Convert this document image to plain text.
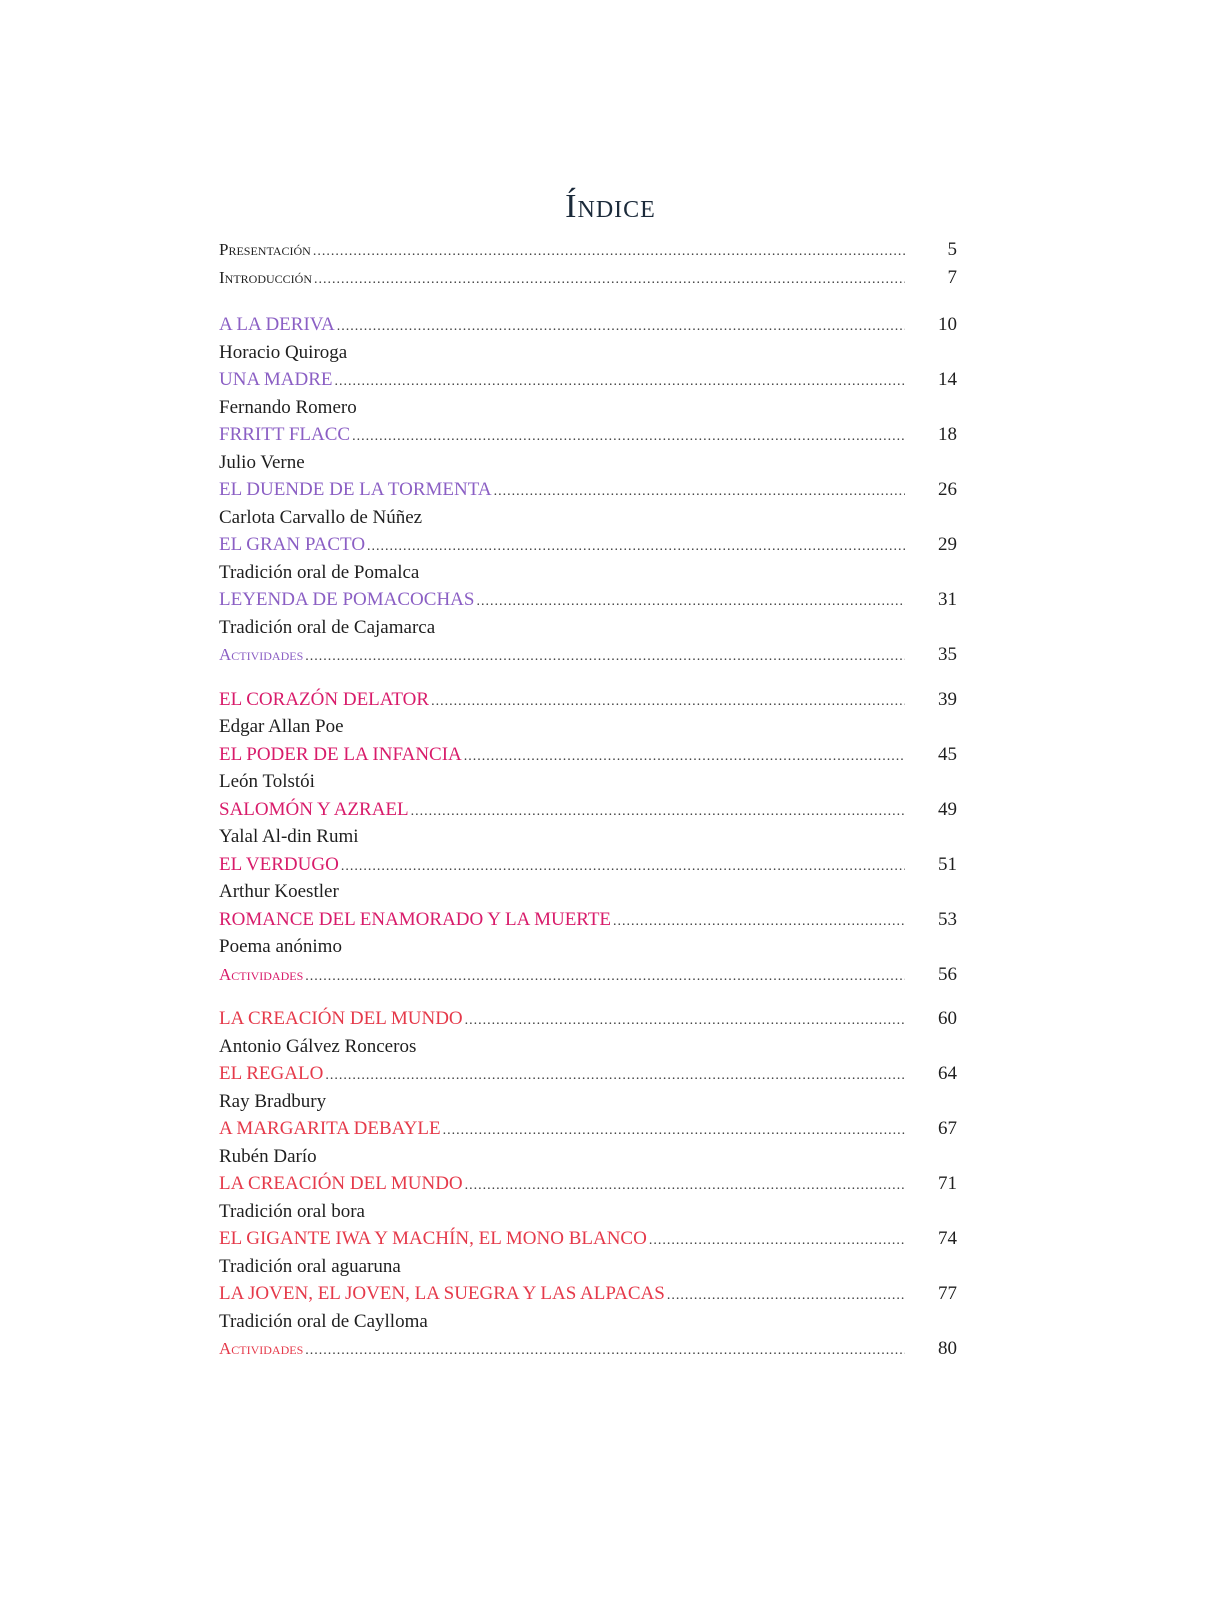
Índice
Presentación .....	5
Introducción .....	7
A LA DERIVA .....	10
Horacio Quiroga
UNA MADRE .....	14
Fernando Romero
FRRITT FLACC .....	18
Julio Verne
EL DUENDE DE LA TORMENTA .....	26
Carlota Carvallo de Núñez
EL GRAN PACTO .....	29
Tradición oral de Pomalca
LEYENDA DE POMACOCHAS .....	31
Tradición oral de Cajamarca
Actividades .....	35
EL CORAZÓN DELATOR .....	39
Edgar Allan Poe
EL PODER DE LA INFANCIA .....	45
León Tolstói
SALOMÓN Y AZRAEL .....	49
Yalal Al-din Rumi
EL VERDUGO .....	51
Arthur Koestler
ROMANCE DEL ENAMORADO Y LA MUERTE .....	53
Poema anónimo
Actividades .....	56
LA CREACIÓN DEL MUNDO .....	60
Antonio Gálvez Ronceros
EL REGALO .....	64
Ray Bradbury
A MARGARITA DEBAYLE .....	67
Rubén Darío
LA CREACIÓN DEL MUNDO .....	71
Tradición oral bora
EL GIGANTE IWA Y MACHÍN, EL MONO BLANCO .....	74
Tradición oral aguaruna
LA JOVEN, EL JOVEN, LA SUEGRA Y LAS ALPACAS .....	77
Tradición oral de Caylloma
Actividades .....	80
